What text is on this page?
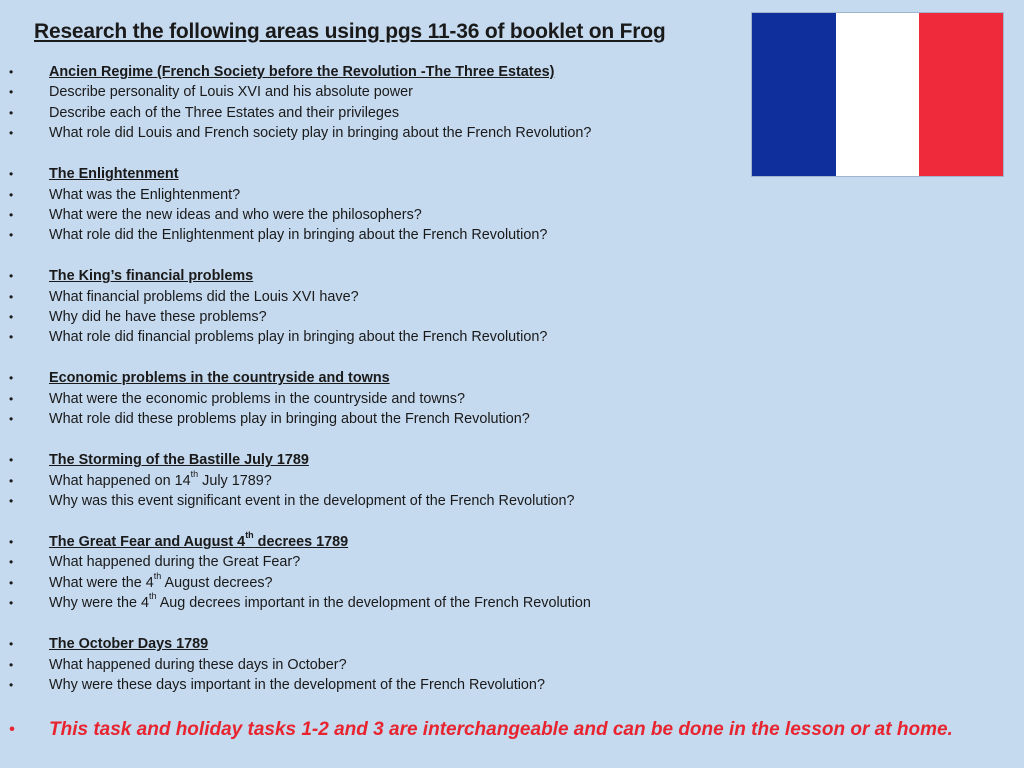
Research the following areas using pgs 11-36 of booklet on Frog
• Ancien Regime (French Society before the Revolution -The Three Estates)
• Describe personality of Louis XVI and his absolute power
• Describe each of the Three Estates and their privileges
• What role did Louis and French society play in bringing about the French Revolution?
• The Enlightenment
• What was the Enlightenment?
• What were the new ideas and who were the philosophers?
• What role did the Enlightenment play in bringing about the French Revolution?
• The King’s financial problems
• What financial problems did the Louis XVI have?
• Why did he have these problems?
• What role did financial problems play in bringing about the French Revolution?
• Economic problems in the countryside and towns
• What were the economic problems in the countryside and towns?
• What role did these problems play in bringing about the French Revolution?
• The Storming of the Bastille July 1789
• What happened on 14th July 1789?
• Why was this event significant event in the development of the French Revolution?
• The Great Fear and August 4th decrees 1789
• What happened during the Great Fear?
• What were the 4th August decrees?
• Why were the 4th Aug decrees important in the development of the French Revolution
• The October Days 1789
• What happened during these days in October?
• Why were these days important in the development of the French Revolution?
• This task and holiday tasks 1-2 and 3 are interchangeable and can be done in the lesson or at home.
